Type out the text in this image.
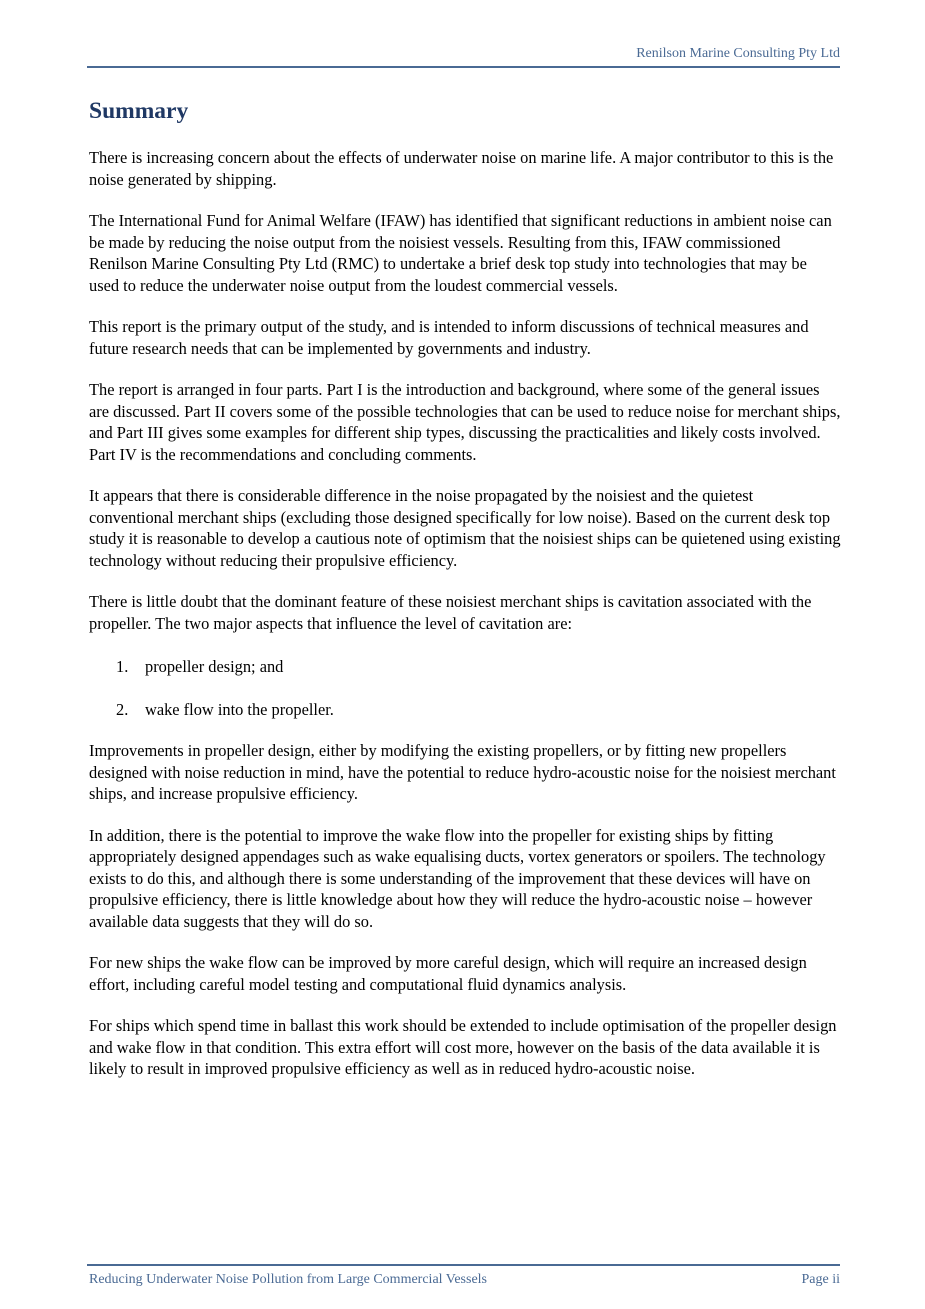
Renilson Marine Consulting Pty Ltd
Summary

There is increasing concern about the effects of underwater noise on marine life. A major contributor to this is the noise generated by shipping.

The International Fund for Animal Welfare (IFAW) has identified that significant reductions in ambient noise can be made by reducing the noise output from the noisiest vessels. Resulting from this, IFAW commissioned Renilson Marine Consulting Pty Ltd (RMC) to undertake a brief desk top study into technologies that may be used to reduce the underwater noise output from the loudest commercial vessels.

This report is the primary output of the study, and is intended to inform discussions of technical measures and future research needs that can be implemented by governments and industry.

The report is arranged in four parts. Part I is the introduction and background, where some of the general issues are discussed. Part II covers some of the possible technologies that can be used to reduce noise for merchant ships, and Part III gives some examples for different ship types, discussing the practicalities and likely costs involved. Part IV is the recommendations and concluding comments.

It appears that there is considerable difference in the noise propagated by the noisiest and the quietest conventional merchant ships (excluding those designed specifically for low noise). Based on the current desk top study it is reasonable to develop a cautious note of optimism that the noisiest ships can be quietened using existing technology without reducing their propulsive efficiency.

There is little doubt that the dominant feature of these noisiest merchant ships is cavitation associated with the propeller. The two major aspects that influence the level of cavitation are:

1. propeller design; and
2. wake flow into the propeller.

Improvements in propeller design, either by modifying the existing propellers, or by fitting new propellers designed with noise reduction in mind, have the potential to reduce hydro-acoustic noise for the noisiest merchant ships, and increase propulsive efficiency.

In addition, there is the potential to improve the wake flow into the propeller for existing ships by fitting appropriately designed appendages such as wake equalising ducts, vortex generators or spoilers. The technology exists to do this, and although there is some understanding of the improvement that these devices will have on propulsive efficiency, there is little knowledge about how they will reduce the hydro-acoustic noise – however available data suggests that they will do so.

For new ships the wake flow can be improved by more careful design, which will require an increased design effort, including careful model testing and computational fluid dynamics analysis.

For ships which spend time in ballast this work should be extended to include optimisation of the propeller design and wake flow in that condition. This extra effort will cost more, however on the basis of the data available it is likely to result in improved propulsive efficiency as well as in reduced hydro-acoustic noise.

Reducing Underwater Noise Pollution from Large Commercial Vessels	Page ii
